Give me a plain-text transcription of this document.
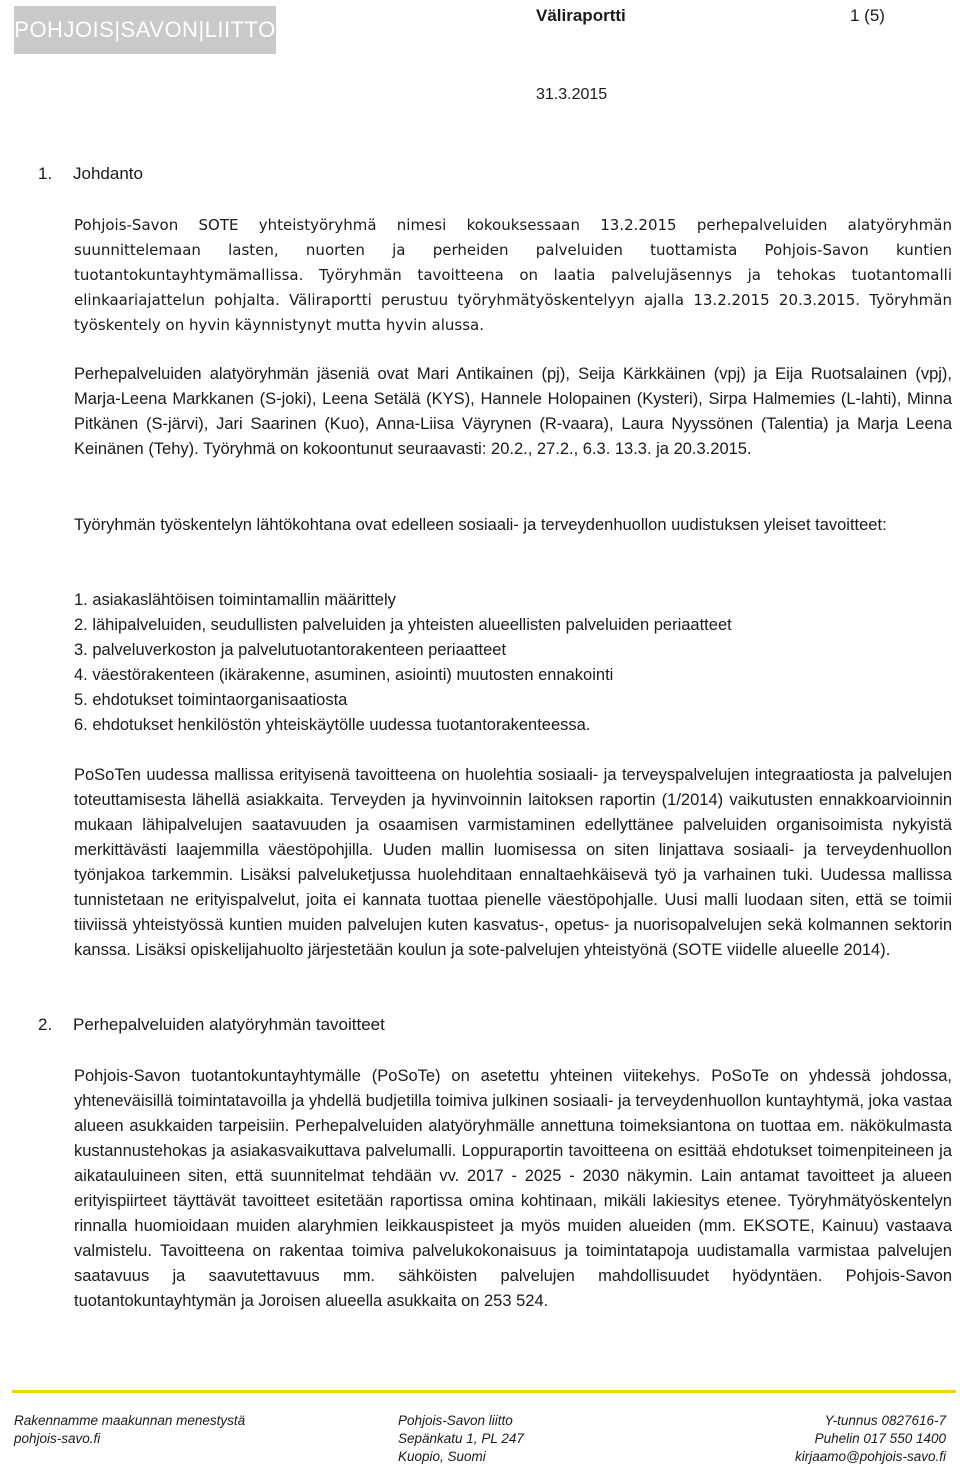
POHJOIS|SAVON|LIITTO
Väliraportti	1 (5)
31.3.2015
1. Johdanto

Pohjois-Savon SOTE yhteistyöryhmä nimesi kokouksessaan 13.2.2015 perhepalveluiden alatyöryhmän suunnittelemaan lasten, nuorten ja perheiden palveluiden tuottamista Pohjois-Savon kuntien tuotantokuntayhtymämallissa. Työryhmän tavoitteena on laatia palvelujäsennys ja tehokas tuotantomalli elinkaariajattelun pohjalta. Väliraportti perustuu työryhmätyöskentelyyn ajalla 13.2.2015 20.3.2015. Työryhmän työskentely on hyvin käynnistynyt mutta hyvin alussa.

Perhepalveluiden alatyöryhmän jäseniä ovat Mari Antikainen (pj), Seija Kärkkäinen (vpj) ja Eija Ruotsalainen (vpj), Marja-Leena Markkanen (S-joki), Leena Setälä (KYS), Hannele Holopainen (Kysteri), Sirpa Halmemies (L-lahti), Minna Pitkänen (S-järvi), Jari Saarinen (Kuo), Anna-Liisa Väyrynen (R-vaara), Laura Nyyssönen (Talentia) ja Marja Leena Keinänen (Tehy). Työryhmä on kokoontunut seuraavasti: 20.2., 27.2., 6.3. 13.3. ja 20.3.2015.

Työryhmän työskentelyn lähtökohtana ovat edelleen sosiaali- ja terveydenhuollon uudistuksen yleiset tavoitteet:

1. asiakaslähtöisen toimintamallin määrittely
2. lähipalveluiden, seudullisten palveluiden ja yhteisten alueellisten palveluiden periaatteet
3. palveluverkoston ja palvelutuotantorakenteen periaatteet
4. väestörakenteen (ikärakenne, asuminen, asiointi) muutosten ennakointi
5. ehdotukset toimintaorganisaatiosta
6. ehdotukset henkilöstön yhteiskäytölle uudessa tuotantorakenteessa.

PoSoTen uudessa mallissa erityisenä tavoitteena on huolehtia sosiaali- ja terveyspalvelujen integraatiosta ja palvelujen toteuttamisesta lähellä asiakkaita. Terveyden ja hyvinvoinnin laitoksen raportin (1/2014) vaikutusten ennakkoarvioinnin mukaan lähipalvelujen saatavuuden ja osaamisen varmistaminen edellyttänee palveluiden organisoimista nykyistä merkittävästi laajemmilla väestöpohjilla. Uuden mallin luomisessa on siten linjattava sosiaali- ja terveydenhuollon työnjakoa tarkemmin. Lisäksi palveluketjussa huolehditaan ennaltaehkäisevä työ ja varhainen tuki. Uudessa mallissa tunnistetaan ne erityispalvelut, joita ei kannata tuottaa pienelle väestöpohjalle. Uusi malli luodaan siten, että se toimii tiiviissä yhteistyössä kuntien muiden palvelujen kuten kasvatus-, opetus- ja nuorisopalvelujen sekä kolmannen sektorin kanssa. Lisäksi opiskelijahuolto järjestetään koulun ja sote-palvelujen yhteistyönä (SOTE viidelle alueelle 2014).

2. Perhepalveluiden alatyöryhmän tavoitteet

Pohjois-Savon tuotantokuntayhtymälle (PoSoTe) on asetettu yhteinen viitekehys. PoSoTe on yhdessä johdossa, yhteneväisillä toimintatavoilla ja yhdellä budjetilla toimiva julkinen sosiaali- ja terveydenhuollon kuntayhtymä, joka vastaa alueen asukkaiden tarpeisiin. Perhepalveluiden alatyöryhmälle annettuna toimeksiantona on tuottaa em. näkökulmasta kustannustehokas ja asiakasvaikuttava palvelumalli. Loppuraportin tavoitteena on esittää ehdotukset toimenpiteineen ja aikatauluineen siten, että suunnitelmat tehdään vv. 2017 - 2025 - 2030 näkymin. Lain antamat tavoitteet ja alueen erityispiirteet täyttävät tavoitteet esitetään raportissa omina kohtinaan, mikäli lakiesitys etenee. Työryhmätyöskentelyn rinnalla huomioidaan muiden alaryhmien leikkauspisteet ja myös muiden alueiden (mm. EKSOTE, Kainuu) vastaava valmistelu. Tavoitteena on rakentaa toimiva palvelukokonaisuus ja toimintatapoja uudistamalla varmistaa palvelujen saatavuus ja saavutettavuus mm. sähköisten palvelujen mahdollisuudet hyödyntäen. Pohjois-Savon tuotantokuntayhtymän ja Joroisen alueella asukkaita on 253 524.

Rakennamme maakunnan menestystä
pohjois-savo.fi
Pohjois-Savon liitto
Sepänkatu 1, PL 247
Kuopio, Suomi
Y-tunnus 0827616-7
Puhelin 017 550 1400
kirjaamo@pohjois-savo.fi
